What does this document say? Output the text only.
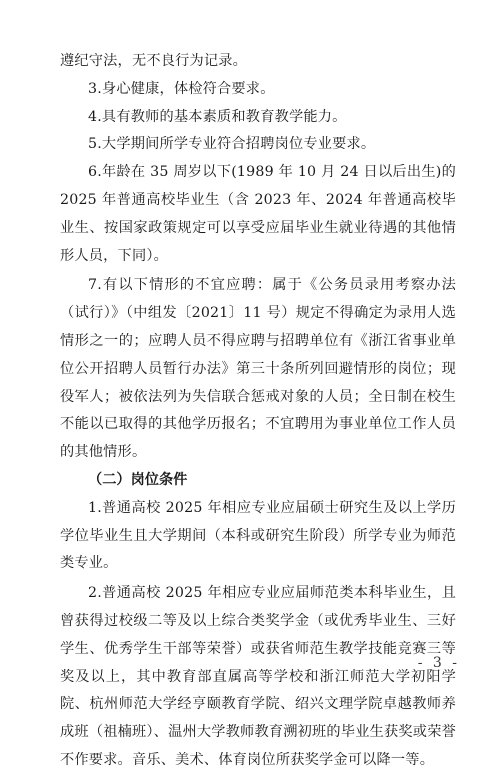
遵纪守法，无不良行为记录。

3.身心健康，体检符合要求。

4.具有教师的基本素质和教育教学能力。

5.大学期间所学专业符合招聘岗位专业要求。

6.年龄在 35 周岁以下(1989 年 10 月 24 日以后出生)的 2025 年普通高校毕业生（含 2023 年、2024 年普通高校毕业生、按国家政策规定可以享受应届毕业生就业待遇的其他情形人员，下同）。

7.有以下情形的不宜应聘：属于《公务员录用考察办法（试行）》（中组发〔2021〕11 号）规定不得确定为录用人选情形之一的；应聘人员不得应聘与招聘单位有《浙江省事业单位公开招聘人员暂行办法》第三十条所列回避情形的岗位；现役军人；被依法列为失信联合惩戒对象的人员；全日制在校生不能以已取得的其他学历报名；不宜聘用为事业单位工作人员的其他情形。

（二）岗位条件

1.普通高校 2025 年相应专业应届硕士研究生及以上学历学位毕业生且大学期间（本科或研究生阶段）所学专业为师范类专业。

2.普通高校 2025 年相应专业应届师范类本科毕业生，且曾获得过校级二等及以上综合类奖学金（或优秀毕业生、三好学生、优秀学生干部等荣誉）或获省师范生教学技能竞赛三等奖及以上，其中教育部直属高等学校和浙江师范大学初阳学院、杭州师范大学经亨颐教育学院、绍兴文理学院卓越教师养成班（祖楠班）、温州大学教师教育溯初班的毕业生获奖或荣誉不作要求。音乐、美术、体育岗位所获奖学金可以降一等。

- 3 -
